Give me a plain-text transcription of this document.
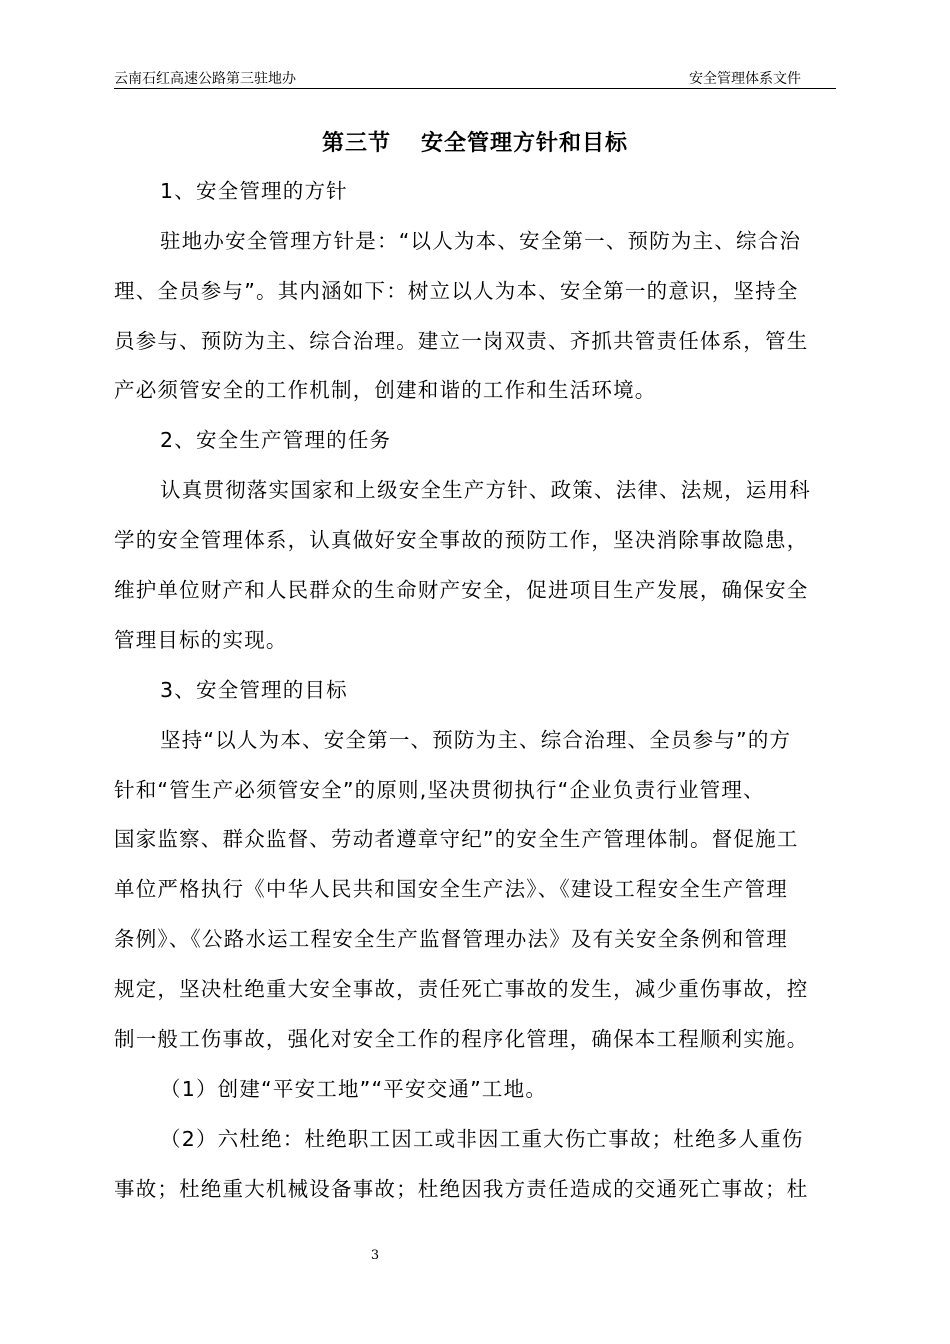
云南石红高速公路第三驻地办	安全管理体系文件
第三节 安全管理方针和目标
1、安全管理的方针
驻地办安全管理方针是：“以人为本、安全第一、预防为主、综合治
理、全员参与”。其内涵如下：树立以人为本、安全第一的意识，坚持全
员参与、预防为主、综合治理。建立一岗双责、齐抓共管责任体系，管生
产必须管安全的工作机制，创建和谐的工作和生活环境。
2、安全生产管理的任务
认真贯彻落实国家和上级安全生产方针、政策、法律、法规，运用科
学的安全管理体系，认真做好安全事故的预防工作，坚决消除事故隐患，
维护单位财产和人民群众的生命财产安全，促进项目生产发展，确保安全
管理目标的实现。
3、安全管理的目标
坚持“以人为本、安全第一、预防为主、综合治理、全员参与”的方
针和“管生产必须管安全”的原则,坚决贯彻执行“企业负责行业管理、
国家监察、群众监督、劳动者遵章守纪”的安全生产管理体制。督促施工
单位严格执行《中华人民共和国安全生产法》、《建设工程安全生产管理
条例》、《公路水运工程安全生产监督管理办法》及有关安全条例和管理
规定，坚决杜绝重大安全事故，责任死亡事故的发生，减少重伤事故，控
制一般工伤事故，强化对安全工作的程序化管理，确保本工程顺利实施。
（1）创建“平安工地”“平安交通”工地。
（2）六杜绝：杜绝职工因工或非因工重大伤亡事故；杜绝多人重伤
事故；杜绝重大机械设备事故；杜绝因我方责任造成的交通死亡事故；杜
3
